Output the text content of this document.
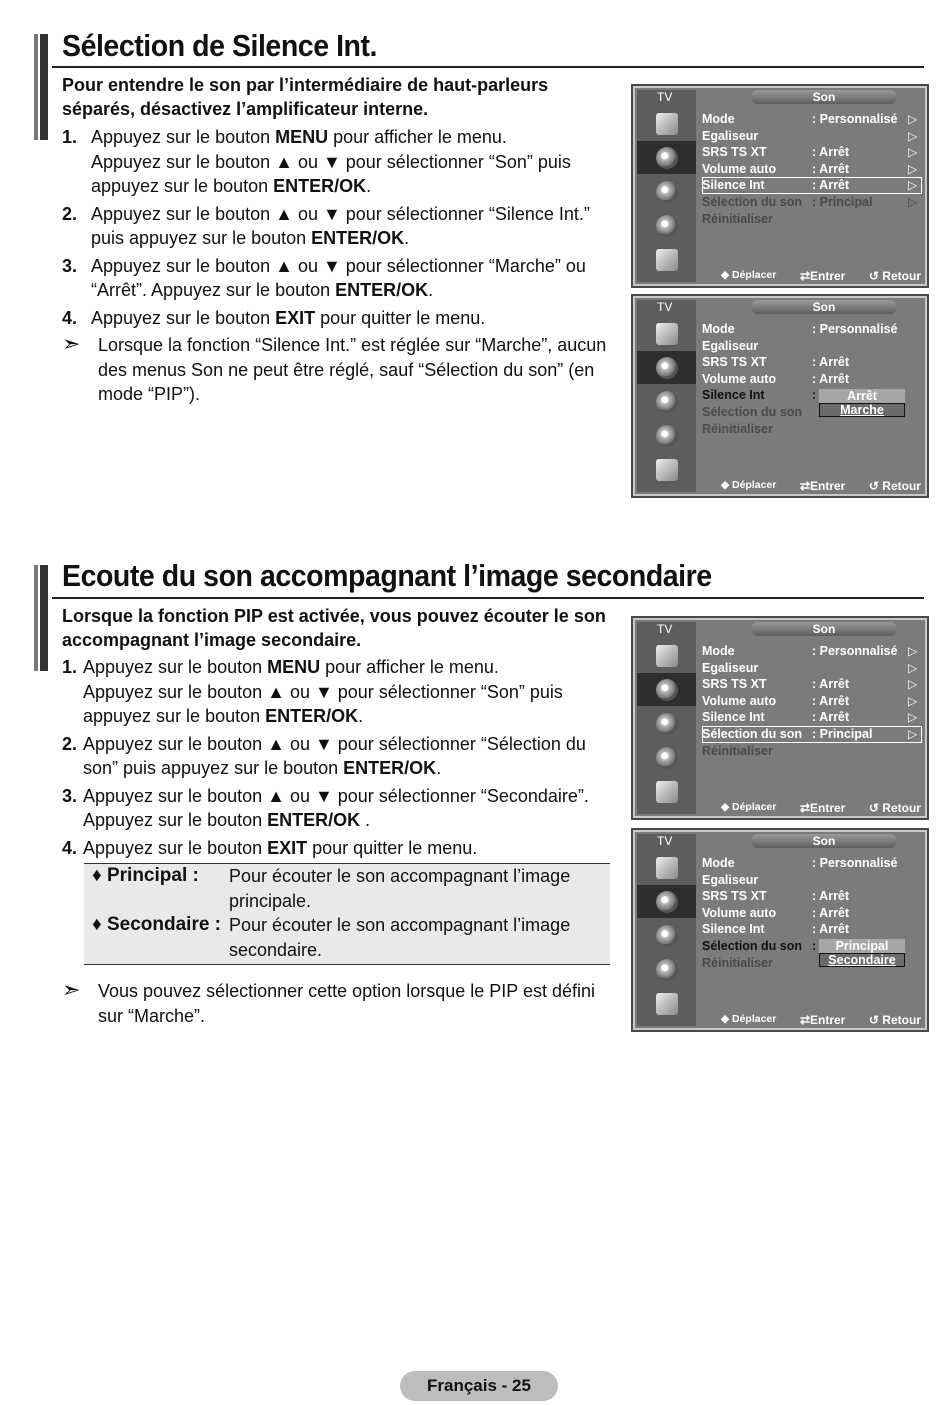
Sélection de Silence Int.
Pour entendre le son par l’intermédiaire de haut-parleurs séparés, désactivez l’amplificateur interne.
1. Appuyez sur le bouton MENU pour afficher le menu.
Appuyez sur le bouton ▲ ou ▼ pour sélectionner “Son” puis appuyez sur le bouton ENTER/OK.
2. Appuyez sur le bouton ▲ ou ▼ pour sélectionner “Silence Int.” puis appuyez sur le bouton ENTER/OK.
3. Appuyez sur le bouton ▲ ou ▼ pour sélectionner “Marche” ou “Arrêt”. Appuyez sur le bouton ENTER/OK.
4. Appuyez sur le bouton EXIT pour quitter le menu.
➣ Lorsque la fonction “Silence Int.” est réglée sur “Marche”, aucun des menus Son ne peut être réglé, sauf “Sélection du son” (en mode “PIP”).
TV	Son
Mode	: Personnalisé ▷
Egaliseur	▷
SRS TS XT	: Arrêt	▷
Volume auto	: Arrêt	▷
Silence Int	: Arrêt	▷
Sélection du son : Principal	▷
Réinitialiser
◆ Déplacer ⇄Entrer ↺ Retour
TV	Son
Mode	: Personnalisé
Egaliseur
SRS TS XT	: Arrêt
Volume auto	: Arrêt
Silence Int	:
Sélection du son
Réinitialiser
Arrêt
Marche
◆ Déplacer ⇄Entrer ↺ Retour
Ecoute du son accompagnant l’image secondaire
Lorsque la fonction PIP est activée, vous pouvez écouter le son accompagnant l’image secondaire.
1. Appuyez sur le bouton MENU pour afficher le menu.
Appuyez sur le bouton ▲ ou ▼ pour sélectionner “Son” puis appuyez sur le bouton ENTER/OK.
2. Appuyez sur le bouton ▲ ou ▼ pour sélectionner “Sélection du son” puis appuyez sur le bouton ENTER/OK.
3. Appuyez sur le bouton ▲ ou ▼ pour sélectionner “Secondaire”. Appuyez sur le bouton ENTER/OK .
4. Appuyez sur le bouton EXIT pour quitter le menu.
♦ Principal :	Pour écouter le son accompagnant l’image principale.
♦ Secondaire : Pour écouter le son accompagnant l’image secondaire.
➣ Vous pouvez sélectionner cette option lorsque le PIP est défini sur “Marche”.
TV	Son
Mode	: Personnalisé ▷
Egaliseur	▷
SRS TS XT	: Arrêt	▷
Volume auto	: Arrêt	▷
Silence Int	: Arrêt	▷
Sélection du son : Principal	▷
Réinitialiser
◆ Déplacer ⇄Entrer ↺ Retour
TV	Son
Mode	: Personnalisé
Egaliseur
SRS TS XT	: Arrêt
Volume auto	: Arrêt
Silence Int	: Arrêt
Sélection du son :
Réinitialiser
Principal
Secondaire
◆ Déplacer ⇄Entrer ↺ Retour
Français - 25
